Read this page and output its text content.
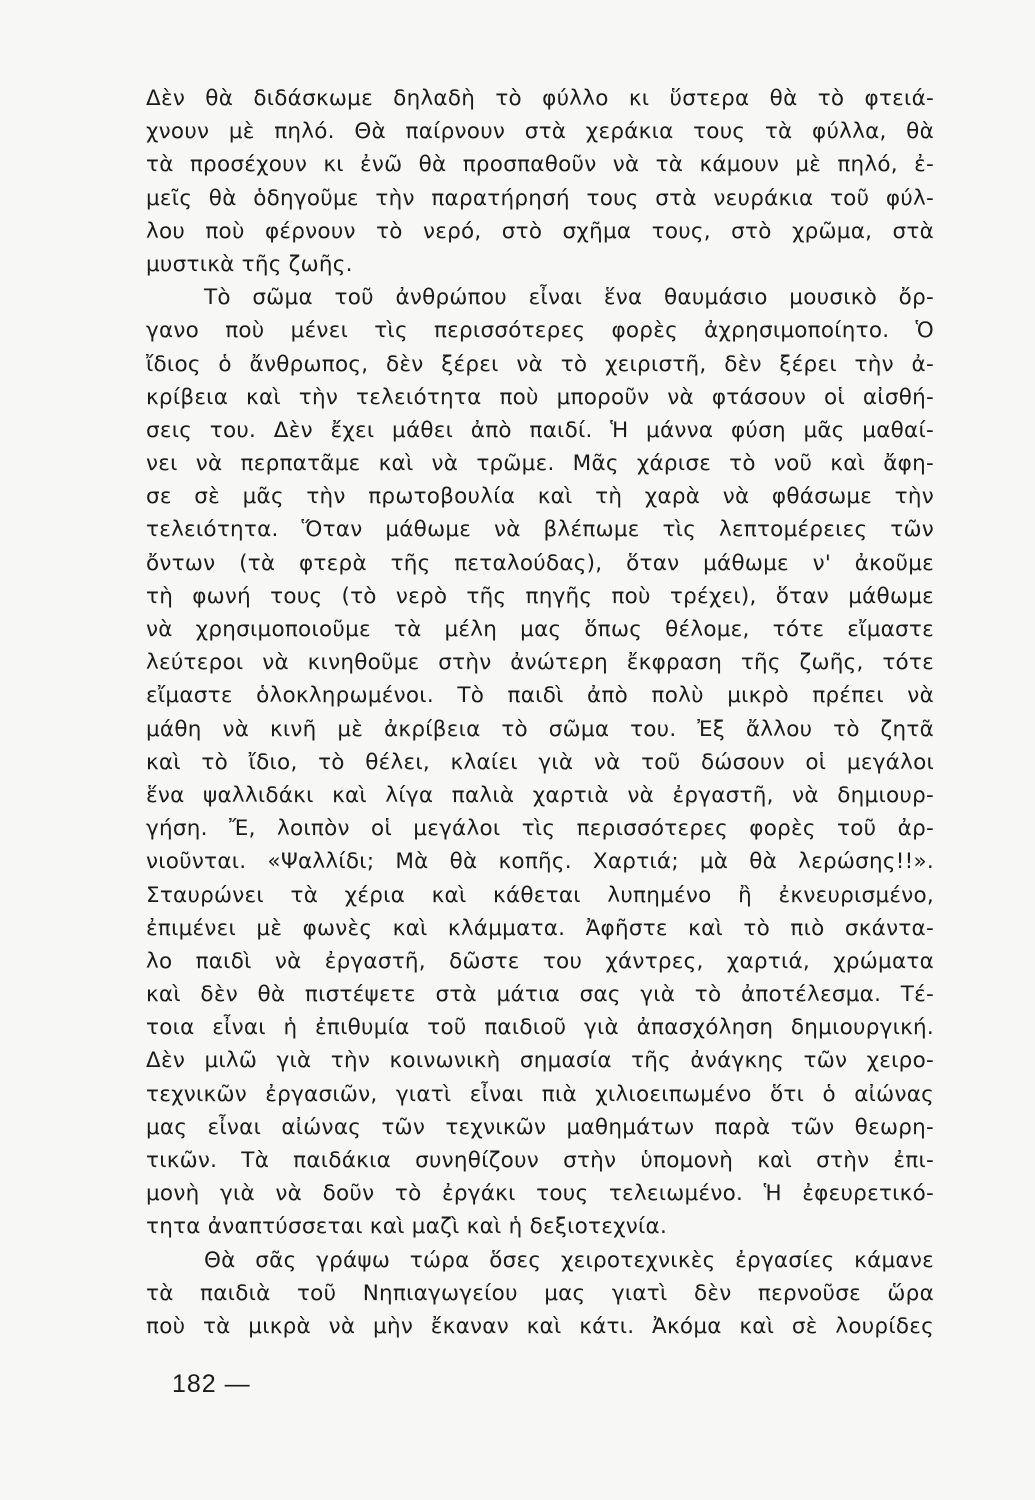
Δὲν θὰ διδάσκωμε δηλαδὴ τὸ φύλλο κι ὕστερα θὰ τὸ φτειά-
χνουν μὲ πηλό. Θὰ παίρνουν στὰ χεράκια τους τὰ φύλλα, θὰ
τὰ προσέχουν κι ἐνῶ θὰ προσπαθοῦν νὰ τὰ κάμουν μὲ πηλό, ἐ-
μεῖς θὰ ὁδηγοῦμε τὴν παρατήρησή τους στὰ νευράκια τοῦ φύλ-
λου ποὺ φέρνουν τὸ νερό, στὸ σχῆμα τους, στὸ χρῶμα, στὰ
μυστικὰ τῆς ζωῆς.
Τὸ σῶμα τοῦ ἀνθρώπου εἶναι ἕνα θαυμάσιο μουσικὸ ὄρ-
γανο ποὺ μένει τὶς περισσότερες φορὲς ἀχρησιμοποίητο. Ὁ
ἴδιος ὁ ἄνθρωπος, δὲν ξέρει νὰ τὸ χειριστῆ, δὲν ξέρει τὴν ἀ-
κρίβεια καὶ τὴν τελειότητα ποὺ μποροῦν νὰ φτάσουν οἱ αἰσθή-
σεις του. Δὲν ἔχει μάθει ἀπὸ παιδί. Ἡ μάννα φύση μᾶς μαθαί-
νει νὰ περπατᾶμε καὶ νὰ τρῶμε. Μᾶς χάρισε τὸ νοῦ καὶ ἄφη-
σε σὲ μᾶς τὴν πρωτοβουλία καὶ τὴ χαρὰ νὰ φθάσωμε τὴν
τελειότητα. Ὅταν μάθωμε νὰ βλέπωμε τὶς λεπτομέρειες τῶν
ὄντων (τὰ φτερὰ τῆς πεταλούδας), ὅταν μάθωμε ν' ἀκοῦμε
τὴ φωνή τους (τὸ νερὸ τῆς πηγῆς ποὺ τρέχει), ὅταν μάθωμε
νὰ χρησιμοποιοῦμε τὰ μέλη μας ὅπως θέλομε, τότε εἴμαστε
λεύτεροι νὰ κινηθοῦμε στὴν ἀνώτερη ἔκφραση τῆς ζωῆς, τότε
εἴμαστε ὁλοκληρωμένοι. Τὸ παιδὶ ἀπὸ πολὺ μικρὸ πρέπει νὰ
μάθη νὰ κινῆ μὲ ἀκρίβεια τὸ σῶμα του. Ἐξ ἄλλου τὸ ζητᾶ
καὶ τὸ ἴδιο, τὸ θέλει, κλαίει γιὰ νὰ τοῦ δώσουν οἱ μεγάλοι
ἕνα ψαλλιδάκι καὶ λίγα παλιὰ χαρτιὰ νὰ ἐργαστῆ, νὰ δημιουρ-
γήση. Ἔ, λοιπὸν οἱ μεγάλοι τὶς περισσότερες φορὲς τοῦ ἀρ-
νιοῦνται. «Ψαλλίδι; Μὰ θὰ κοπῆς. Χαρτιά; μὰ θὰ λερώσης!!».
Σταυρώνει τὰ χέρια καὶ κάθεται λυπημένο ἢ ἐκνευρισμένο,
ἐπιμένει μὲ φωνὲς καὶ κλάμματα. Ἀφῆστε καὶ τὸ πιὸ σκάντα-
λο παιδὶ νὰ ἐργαστῆ, δῶστε του χάντρες, χαρτιά, χρώματα
καὶ δὲν θὰ πιστέψετε στὰ μάτια σας γιὰ τὸ ἀποτέλεσμα. Τέ-
τοια εἶναι ἡ ἐπιθυμία τοῦ παιδιοῦ γιὰ ἀπασχόληση δημιουργική.
Δὲν μιλῶ γιὰ τὴν κοινωνικὴ σημασία τῆς ἀνάγκης τῶν χειρο-
τεχνικῶν ἐργασιῶν, γιατὶ εἶναι πιὰ χιλιοειπωμένο ὅτι ὁ αἰώνας
μας εἶναι αἰώνας τῶν τεχνικῶν μαθημάτων παρὰ τῶν θεωρη-
τικῶν. Τὰ παιδάκια συνηθίζουν στὴν ὑπομονὴ καὶ στὴν ἐπι-
μονὴ γιὰ νὰ δοῦν τὸ ἐργάκι τους τελειωμένο. Ἡ ἐφευρετικό-
τητα ἀναπτύσσεται καὶ μαζὶ καὶ ἡ δεξιοτεχνία.
Θὰ σᾶς γράψω τώρα ὅσες χειροτεχνικὲς ἐργασίες κάμανε
τὰ παιδιὰ τοῦ Νηπιαγωγείου μας γιατὶ δὲν περνοῦσε ὥρα
ποὺ τὰ μικρὰ νὰ μὴν ἔκαναν καὶ κάτι. Ἀκόμα καὶ σὲ λουρίδες
182 —
